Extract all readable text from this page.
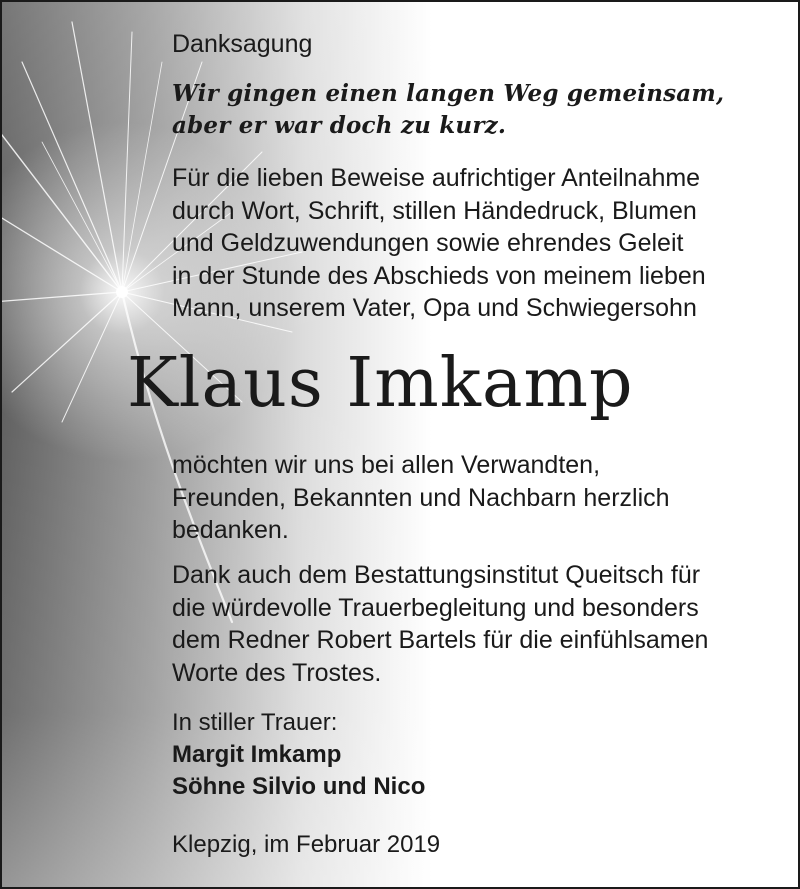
Danksagung

Wir gingen einen langen Weg gemeinsam,
aber er war doch zu kurz.

Für die lieben Beweise aufrichtiger Anteilnahme
durch Wort, Schrift, stillen Händedruck, Blumen
und Geldzuwendungen sowie ehrendes Geleit
in der Stunde des Abschieds von meinem lieben
Mann, unserem Vater, Opa und Schwiegersohn

Klaus Imkamp

möchten wir uns bei allen Verwandten,
Freunden, Bekannten und Nachbarn herzlich
bedanken.

Dank auch dem Bestattungsinstitut Queitsch für
die würdevolle Trauerbegleitung und besonders
dem Redner Robert Bartels für die einfühlsamen
Worte des Trostes.

In stiller Trauer:
Margit Imkamp
Söhne Silvio und Nico

Klepzig, im Februar 2019
